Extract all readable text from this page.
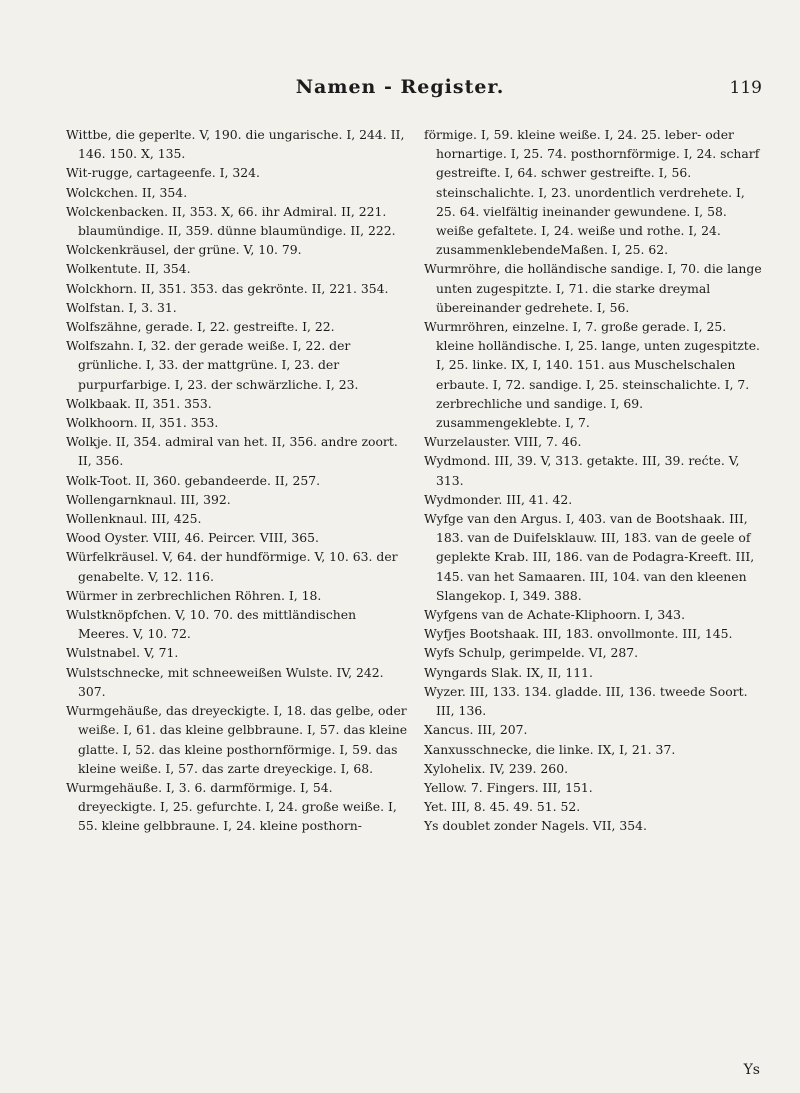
Namen - Register.	119

Wittbe, die geperlte. V, 190. die ungarische. I, 244. II, 146. 150. X, 135.

Wit-rugge, cartageenfe. I, 324.

Wolckchen. II, 354.

Wolckenbacken. II, 353. X, 66. ihr Admiral. II, 221. blaumündige. II, 359. dünne blaumündige. II, 222.

Wolckenkräusel, der grüne. V, 10. 79.

Wolkentute. II, 354.

Wolckhorn. II, 351. 353. das gekrönte. II, 221. 354.

Wolfstan. I, 3. 31.

Wolfszähne, gerade. I, 22. gestreifte. I, 22.

Wolfszahn. I, 32. der gerade weiße. I, 22. der grünliche. I, 33. der mattgrüne. I, 23. der purpurfarbige. I, 23. der schwärzliche. I, 23.

Wolkbaak. II, 351. 353.

Wolkhoorn. II, 351. 353.

Wolkje. II, 354. admiral van het. II, 356. andre zoort. II, 356.

Wolk-Toot. II, 360. gebandeerde. II, 257.

Wollengarnknaul. III, 392.

Wollenknaul. III, 425.

Wood Oyster. VIII, 46. Peircer. VIII, 365.

Würfelkräusel. V, 64. der hundförmige. V, 10. 63. der genabelte. V, 12. 116.

Würmer in zerbrechlichen Röhren. I, 18.

Wulstknöpfchen. V, 10. 70. des mittländischen Meeres. V, 10. 72.

Wulstnabel. V, 71.

Wulstschnecke, mit schneeweißen Wulste. IV, 242. 307.

Wurmgehäuße, das dreyeckigte. I, 18. das gelbe, oder weiße. I, 61. das kleine gelbbraune. I, 57. das kleine glatte. I, 52. das kleine posthornförmige. I, 59. das kleine weiße. I, 57. das zarte dreyeckige. I, 68.

Wurmgehäuße. I, 3. 6. darmförmige. I, 54. dreyeckigte. I, 25. gefurchte. I, 24. große weiße. I, 55. kleine gelbbraune. I, 24. kleine posthorn-

förmige. I, 59. kleine weiße. I, 24. 25. leber- oder hornartige. I, 25. 74. posthornförmige. I, 24. scharf gestreifte. I, 64. schwer gestreifte. I, 56. steinschalichte. I, 23. unordentlich verdrehete. I, 25. 64. vielfältig ineinander gewundene. I, 58. weiße gefaltete. I, 24. weiße und rothe. I, 24. zusammenklebendeMaßen. I, 25. 62.

Wurmröhre, die holländische sandige. I, 70. die lange unten zugespitzte. I, 71. die starke dreymal übereinander gedrehete. I, 56.

Wurmröhren, einzelne. I, 7. große gerade. I, 25. kleine holländische. I, 25. lange, unten zugespitzte. I, 25. linke. IX, I, 140. 151. aus Muschelschalen erbaute. I, 72. sandige. I, 25. steinschalichte. I, 7. zerbrechliche und sandige. I, 69. zusammengeklebte. I, 7.

Wurzelauster. VIII, 7. 46.

Wydmond. III, 39. V, 313. getakte. III, 39. rećte. V, 313.

Wydmonder. III, 41. 42.

Wyfge van den Argus. I, 403. van de Bootshaak. III, 183. van de Duifelsklauw. III, 183. van de geele of geplekte Krab. III, 186. van de Podagra-Kreeft. III, 145. van het Samaaren. III, 104. van den kleenen Slangekop. I, 349. 388.

Wyfgens van de Achate-Kliphoorn. I, 343.

Wyfjes Bootshaak. III, 183. onvollmonte. III, 145.

Wyfs Schulp, gerimpelde. VI, 287.

Wyngards Slak. IX, II, 111.

Wyzer. III, 133. 134. gladde. III, 136. tweede Soort. III, 136.

Xancus. III, 207.

Xanxusschnecke, die linke. IX, I, 21. 37.

Xylohelix. IV, 239. 260.

Yellow. 7. Fingers. III, 151.

Yet. III, 8. 45. 49. 51. 52.

Ys doublet zonder Nagels. VII, 354.

Ys
